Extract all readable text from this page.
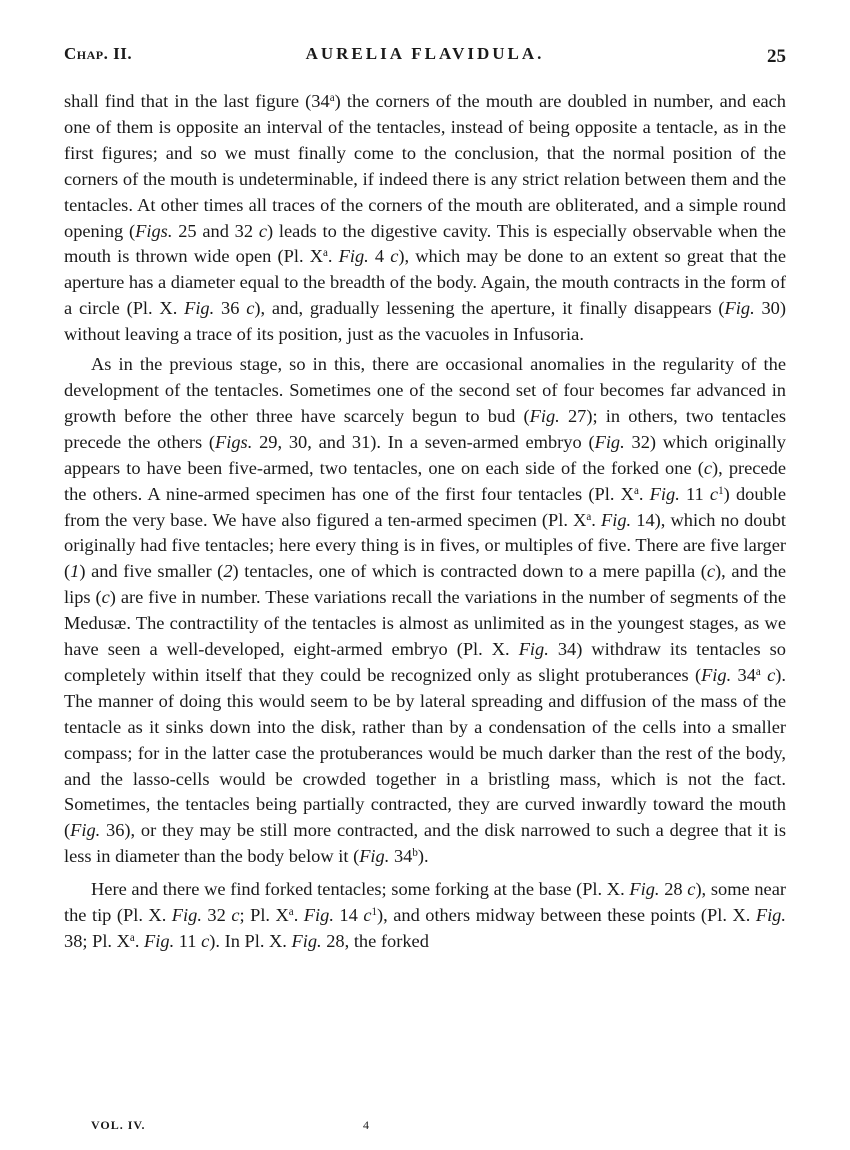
Chap. II.	AURELIA FLAVIDULA.	25

shall find that in the last figure (34$^a$) the corners of the mouth are doubled in number, and each one of them is opposite an interval of the tentacles, instead of being opposite a tentacle, as in the first figures; and so we must finally come to the conclusion, that the normal position of the corners of the mouth is undeterminable, if indeed there is any strict relation between them and the tentacles. At other times all traces of the corners of the mouth are obliterated, and a simple round opening (Figs. 25 and 32 c) leads to the digestive cavity. This is especially observable when the mouth is thrown wide open (Pl. $X^a$. Fig. 4 c), which may be done to an extent so great that the aperture has a diameter equal to the breadth of the body. Again, the mouth contracts in the form of a circle (Pl. X. Fig. 36 c), and, gradually lessening the aperture, it finally disappears (Fig. 30) without leaving a trace of its position, just as the vacuoles in Infusoria.

As in the previous stage, so in this, there are occasional anomalies in the regularity of the development of the tentacles. Sometimes one of the second set of four becomes far advanced in growth before the other three have scarcely begun to bud (Fig. 27); in others, two tentacles precede the others (Figs. 29, 30, and 31). In a seven-armed embryo (Fig. 32) which originally appears to have been five-armed, two tentacles, one on each side of the forked one (c), precede the others. A nine-armed specimen has one of the first four tentacles (Pl. $X^a$. Fig. 11 $c^1$) double from the very base. We have also figured a ten-armed specimen (Pl. $X^a$. Fig. 14), which no doubt originally had five tentacles; here every thing is in fives, or multiples of five. There are five larger (1) and five smaller (2) tentacles, one of which is contracted down to a mere papilla (c), and the lips (c) are five in number. These variations recall the variations in the number of segments of the Medusæ. The contractility of the tentacles is almost as unlimited as in the youngest stages, as we have seen a well-developed, eight-armed embryo (Pl. X. Fig. 34) withdraw its tentacles so completely within itself that they could be recognized only as slight protuberances (Fig. 34$^a$ c). The manner of doing this would seem to be by lateral spreading and diffusion of the mass of the tentacle as it sinks down into the disk, rather than by a condensation of the cells into a smaller compass; for in the latter case the protuberances would be much darker than the rest of the body, and the lasso-cells would be crowded together in a bristling mass, which is not the fact. Sometimes, the tentacles being partially contracted, they are curved inwardly toward the mouth (Fig. 36), or they may be still more contracted, and the disk narrowed to such a degree that it is less in diameter than the body below it (Fig. 34$^b$).

Here and there we find forked tentacles; some forking at the base (Pl. X. Fig. 28 c), some near the tip (Pl. X. Fig. 32 c; Pl. $X^a$. Fig. 14 $c^1$), and others midway between these points (Pl. X. Fig. 38; Pl. $X^a$. Fig. 11 c). In Pl. X. Fig. 28, the forked

VOL. IV.	4
